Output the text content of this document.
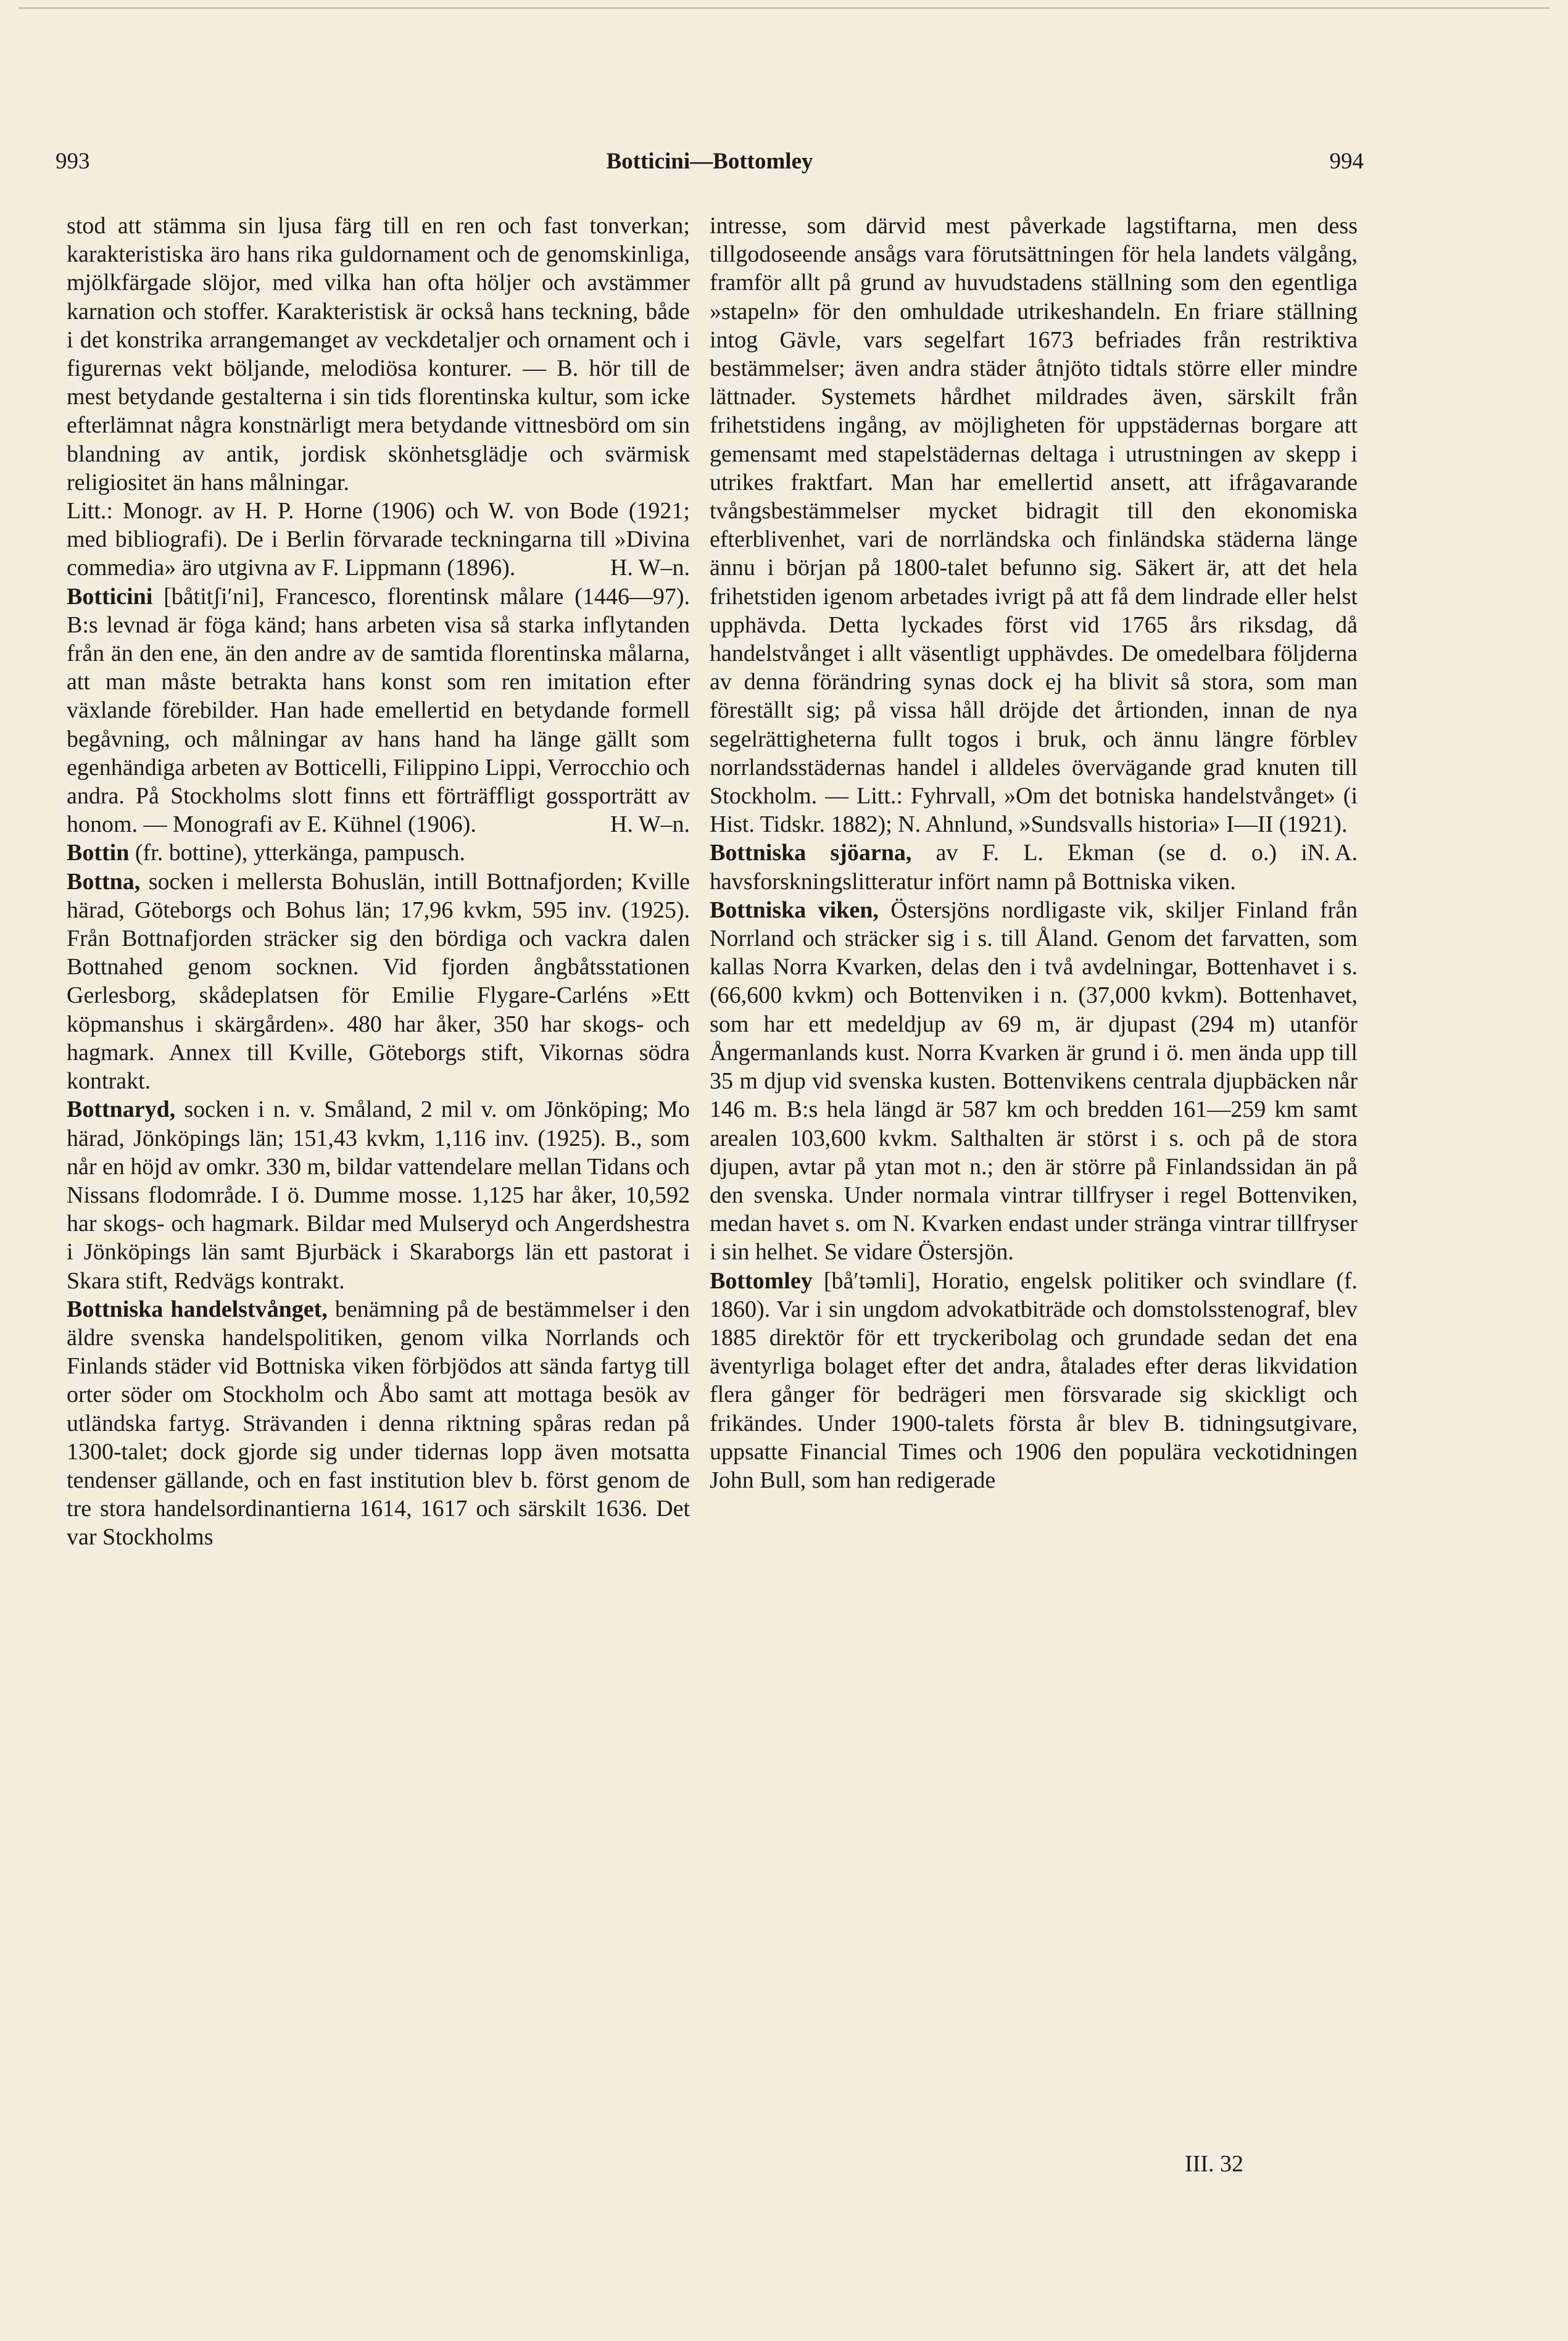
993	Botticini—Bottomley	994

stod att stämma sin ljusa färg till en ren och fast tonverkan; karakteristiska äro hans rika guldornament och de genomskinliga, mjölkfärgade slöjor, med vilka han ofta höljer och avstämmer karnation och stoffer. Karakteristisk är också hans teckning, både i det konstrika arrangemanget av veckdetaljer och ornament och i figurernas vekt böljande, melodiösa konturer. — B. hör till de mest betydande gestalterna i sin tids florentinska kultur, som icke efterlämnat några konstnärligt mera betydande vittnesbörd om sin blandning av antik, jordisk skönhetsglädje och svärmisk religiositet än hans målningar.

Litt.: Monogr. av H. P. Horne (1906) och W. von Bode (1921; med bibliografi). De i Berlin förvarade teckningarna till »Divina commedia» äro utgivna av F. Lippmann (1896).	H. W–n.

Botticini [båtitʃi′ni], Francesco, florentinsk målare (1446—97). B:s levnad är föga känd; hans arbeten visa så starka inflytanden från än den ene, än den andre av de samtida florentinska målarna, att man måste betrakta hans konst som ren imitation efter växlande förebilder. Han hade emellertid en betydande formell begåvning, och målningar av hans hand ha länge gällt som egenhändiga arbeten av Botticelli, Filippino Lippi, Verrocchio och andra. På Stockholms slott finns ett förträffligt gossporträtt av honom. — Monografi av E. Kühnel (1906).	H. W–n.

Bottin (fr. bottine), ytterkänga, pampusch.

Bottna, socken i mellersta Bohuslän, intill Bottnafjorden; Kville härad, Göteborgs och Bohus län; 17,96 kvkm, 595 inv. (1925). Från Bottnafjorden sträcker sig den bördiga och vackra dalen Bottnahed genom socknen. Vid fjorden ångbåtsstationen Gerlesborg, skådeplatsen för Emilie Flygare-Carléns »Ett köpmanshus i skärgården». 480 har åker, 350 har skogs- och hagmark. Annex till Kville, Göteborgs stift, Vikornas södra kontrakt.

Bottnaryd, socken i n. v. Småland, 2 mil v. om Jönköping; Mo härad, Jönköpings län; 151,43 kvkm, 1,116 inv. (1925). B., som når en höjd av omkr. 330 m, bildar vattendelare mellan Tidans och Nissans flodområde. I ö. Dumme mosse. 1,125 har åker, 10,592 har skogs- och hagmark. Bildar med Mulseryd och Angerdshestra i Jönköpings län samt Bjurbäck i Skaraborgs län ett pastorat i Skara stift, Redvägs kontrakt.

Bottniska handelstvånget, benämning på de bestämmelser i den äldre svenska handelspolitiken, genom vilka Norrlands och Finlands städer vid Bottniska viken förbjödos att sända fartyg till orter söder om Stockholm och Åbo samt att mottaga besök av utländska fartyg. Strävanden i denna riktning spåras redan på 1300-talet; dock gjorde sig under tidernas lopp även motsatta tendenser gällande, och en fast institution blev b. först genom de tre stora handelsordinantierna 1614, 1617 och särskilt 1636. Det var Stockholms

intresse, som därvid mest påverkade lagstiftarna, men dess tillgodoseende ansågs vara förutsättningen för hela landets välgång, framför allt på grund av huvudstadens ställning som den egentliga »stapeln» för den omhuldade utrikeshandeln. En friare ställning intog Gävle, vars segelfart 1673 befriades från restriktiva bestämmelser; även andra städer åtnjöto tidtals större eller mindre lättnader. Systemets hårdhet mildrades även, särskilt från frihetstidens ingång, av möjligheten för uppstädernas borgare att gemensamt med stapelstädernas deltaga i utrustningen av skepp i utrikes fraktfart. Man har emellertid ansett, att ifrågavarande tvångsbestämmelser mycket bidragit till den ekonomiska efterblivenhet, vari de norrländska och finländska städerna länge ännu i början på 1800-talet befunno sig. Säkert är, att det hela frihetstiden igenom arbetades ivrigt på att få dem lindrade eller helst upphävda. Detta lyckades först vid 1765 års riksdag, då handelstvånget i allt väsentligt upphävdes. De omedelbara följderna av denna förändring synas dock ej ha blivit så stora, som man föreställt sig; på vissa håll dröjde det årtionden, innan de nya segelrättigheterna fullt togos i bruk, och ännu längre förblev norrlandsstädernas handel i alldeles övervägande grad knuten till Stockholm. — Litt.: Fyhrvall, »Om det botniska handelstvånget» (i Hist. Tidskr. 1882); N. Ahnlund, »Sundsvalls historia» I—II (1921).
N. A.

Bottniska sjöarna, av F. L. Ekman (se d. o.) i havsforskningslitteratur infört namn på Bottniska viken.

Bottniska viken, Östersjöns nordligaste vik, skiljer Finland från Norrland och sträcker sig i s. till Åland. Genom det farvatten, som kallas Norra Kvarken, delas den i två avdelningar, Bottenhavet i s. (66,600 kvkm) och Bottenviken i n. (37,000 kvkm). Bottenhavet, som har ett medeldjup av 69 m, är djupast (294 m) utanför Ångermanlands kust. Norra Kvarken är grund i ö. men ända upp till 35 m djup vid svenska kusten. Bottenvikens centrala djupbäcken når 146 m. B:s hela längd är 587 km och bredden 161—259 km samt arealen 103,600 kvkm. Salthalten är störst i s. och på de stora djupen, avtar på ytan mot n.; den är större på Finlandssidan än på den svenska. Under normala vintrar tillfryser i regel Bottenviken, medan havet s. om N. Kvarken endast under stränga vintrar tillfryser i sin helhet. Se vidare Östersjön.

Bottomley [bå′təmli], Horatio, engelsk politiker och svindlare (f. 1860). Var i sin ungdom advokatbiträde och domstolsstenograf, blev 1885 direktör för ett tryckeribolag och grundade sedan det ena äventyrliga bolaget efter det andra, åtalades efter deras likvidation flera gånger för bedrägeri men försvarade sig skickligt och frikändes. Under 1900-talets första år blev B. tidningsutgivare, uppsatte Financial Times och 1906 den populära veckotidningen John Bull, som han redigerade

III. 32
